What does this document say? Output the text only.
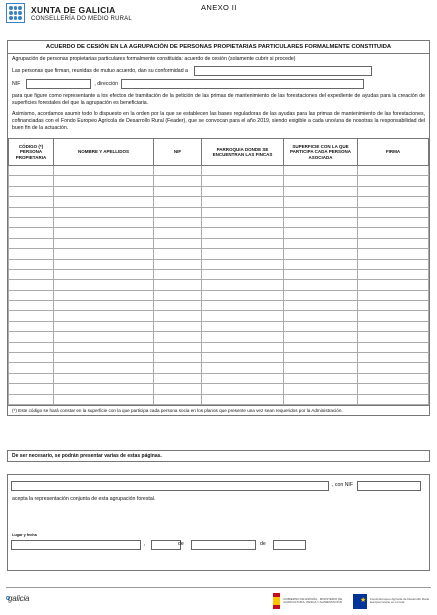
XUNTA DE GALICIA
CONSELLERÍA DO MEDIO RURAL
ANEXO II
ACUERDO DE CESIÓN EN LA AGRUPACIÓN DE PERSONAS PROPIETARIAS PARTICULARES FORMALMENTE CONSTITUIDA
Agrupación de personas propietarias particulares formalmente constituida: acuerdo de cesión (solamente cubrir si procede)
Las personas que firman, reunidas de mutuo acuerdo, dan su conformidad a
NIF	, dirección
para que figure como representante a los efectos de tramitación de la petición de las primas de mantenimiento de las forestaciones del expediente de ayudas para la creación de superficies forestales del que la agrupación es beneficiaria.
Asimismo, acordamos asumir todo lo dispuesto en la orden por la que se establecen las bases reguladoras de las ayudas para las primas de mantenimiento de las forestaciones, cofinanciadas con el Fondo Europeo Agrícola de Desarrollo Rural (Feader), que se convocan para el año 2019, siendo exigible a cada uno/una de nosotras la responsabilidad del buen fin de la actuación.
CÓDIGO (*) PERSONA PROPIETARIA	NOMBRE Y APELLIDOS	NIF	PARROQUIA DONDE SE ENCUENTRAN LAS FINCAS	SUPERFICIE CON LA QUE PARTICIPA CADA PERSONA ASOCIADA	FIRMA

(*) Este código se hará constar en la superficie con la que participa cada persona socia en los planos que presente una vez sean requeridos por la Administración.
De ser necesario, se podrán presentar varias de estas páginas.
, con NIF
acepta la representación conjunta de esta agrupación forestal.
Lugar y fecha
,	de	de
galicia	GOBIERNO DE ESPAÑA · MINISTERIO DE AGRICULTURA, PESCA Y ALIMENTACIÓN
★
Fondo Europeo Agrícola de Desarrollo Rural · Europa invierte en el rural
